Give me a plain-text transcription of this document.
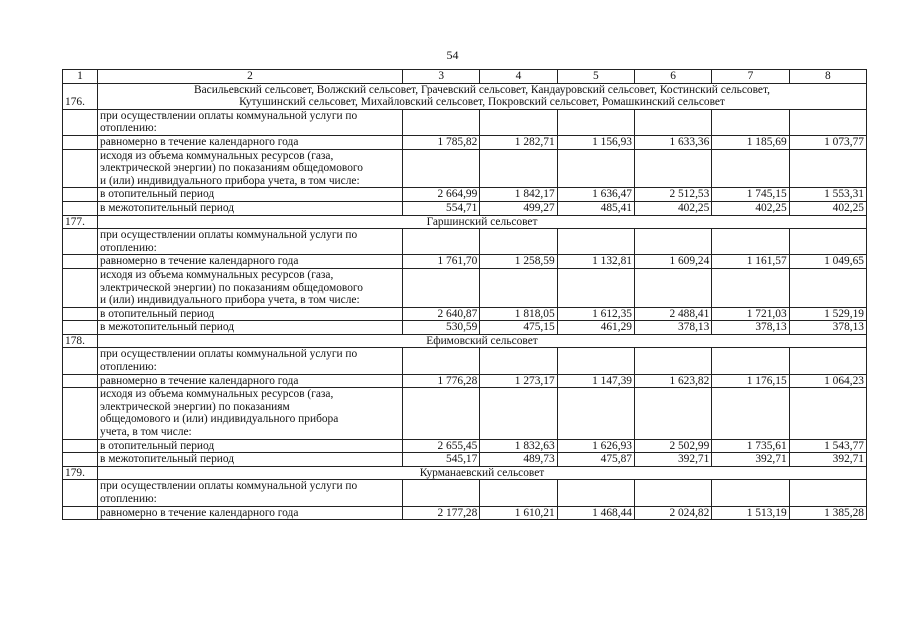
54
1	2	3	4	5	6	7	8
176.	Васильевский сельсовет, Волжский сельсовет, Грачевский сельсовет, Кандауровский сельсовет, Костинский сельсовет,
Кутушинский сельсовет, Михайловский сельсовет, Покровский сельсовет, Ромашкинский сельсовет						

	при осуществлении оплаты коммунальной услуги по
отоплению:						

	равномерно в течение календарного года	1 785,82	1 282,71	1 156,93	1 633,36	1 185,69	1 073,77

	исходя из объема коммунальных ресурсов (газа,
электрической энергии) по показаниям общедомового
и (или) индивидуального прибора учета, в том числе:						

	в отопительный период	2 664,99	1 842,17	1 636,47	2 512,53	1 745,15	1 553,31
	в межотопительный период	554,71	499,27	485,41	402,25	402,25	402,25
177.	Гаршинский сельсовет						

	при осуществлении оплаты коммунальной услуги по
отоплению:						

	равномерно в течение календарного года	1 761,70	1 258,59	1 132,81	1 609,24	1 161,57	1 049,65

	исходя из объема коммунальных ресурсов (газа,
электрической энергии) по показаниям общедомового
и (или) индивидуального прибора учета, в том числе:						

	в отопительный период	2 640,87	1 818,05	1 612,35	2 488,41	1 721,03	1 529,19
	в межотопительный период	530,59	475,15	461,29	378,13	378,13	378,13
178.	Ефимовский сельсовет						

	при осуществлении оплаты коммунальной услуги по
отоплению:						

	равномерно в течение календарного года	1 776,28	1 273,17	1 147,39	1 623,82	1 176,15	1 064,23

	исходя из объема коммунальных ресурсов (газа,
электрической энергии) по показаниям
общедомового и (или) индивидуального прибора
учета, в том числе:						

	в отопительный период	2 655,45	1 832,63	1 626,93	2 502,99	1 735,61	1 543,77
	в межотопительный период	545,17	489,73	475,87	392,71	392,71	392,71
179.	Курманаевский сельсовет						

	при осуществлении оплаты коммунальной услуги по
отоплению:						

	равномерно в течение календарного года	2 177,28	1 610,21	1 468,44	2 024,82	1 513,19	1 385,28
